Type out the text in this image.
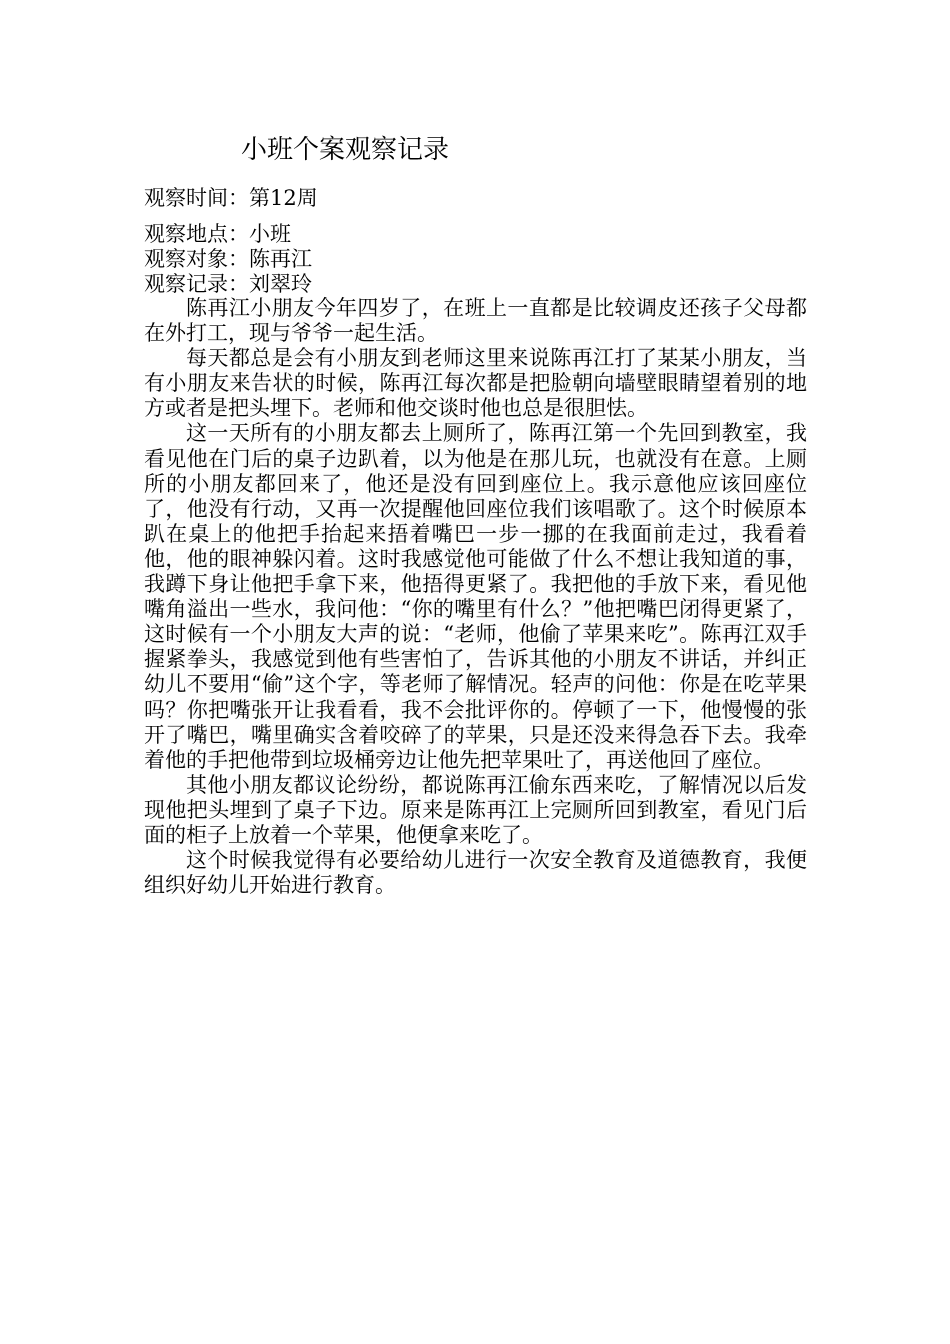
小班个案观察记录
观察时间：第12周
观察地点：小班
观察对象：陈再江
观察记录：刘翠玲

陈再江小朋友今年四岁了，在班上一直都是比较调皮还孩子父母都在外打工，现与爷爷一起生活。

每天都总是会有小朋友到老师这里来说陈再江打了某某小朋友，当有小朋友来告状的时候，陈再江每次都是把脸朝向墙壁眼睛望着别的地方或者是把头埋下。老师和他交谈时他也总是很胆怯。

这一天所有的小朋友都去上厕所了，陈再江第一个先回到教室，我看见他在门后的桌子边趴着，以为他是在那儿玩，也就没有在意。上厕所的小朋友都回来了，他还是没有回到座位上。我示意他应该回座位了，他没有行动，又再一次提醒他回座位我们该唱歌了。这个时候原本趴在桌上的他把手抬起来捂着嘴巴一步一挪的在我面前走过，我看着他，他的眼神躲闪着。这时我感觉他可能做了什么不想让我知道的事，我蹲下身让他把手拿下来，他捂得更紧了。我把他的手放下来，看见他嘴角溢出一些水，我问他：“你的嘴里有什么？”他把嘴巴闭得更紧了，这时候有一个小朋友大声的说：“老师，他偷了苹果来吃”。陈再江双手握紧拳头，我感觉到他有些害怕了，告诉其他的小朋友不讲话，并纠正幼儿不要用“偷”这个字，等老师了解情况。轻声的问他：你是在吃苹果吗？你把嘴张开让我看看，我不会批评你的。停顿了一下，他慢慢的张开了嘴巴，嘴里确实含着咬碎了的苹果，只是还没来得急吞下去。我牵着他的手把他带到垃圾桶旁边让他先把苹果吐了，再送他回了座位。

其他小朋友都议论纷纷，都说陈再江偷东西来吃，了解情况以后发现他把头埋到了桌子下边。原来是陈再江上完厕所回到教室，看见门后面的柜子上放着一个苹果，他便拿来吃了。

这个时候我觉得有必要给幼儿进行一次安全教育及道德教育，我便组织好幼儿开始进行教育。
